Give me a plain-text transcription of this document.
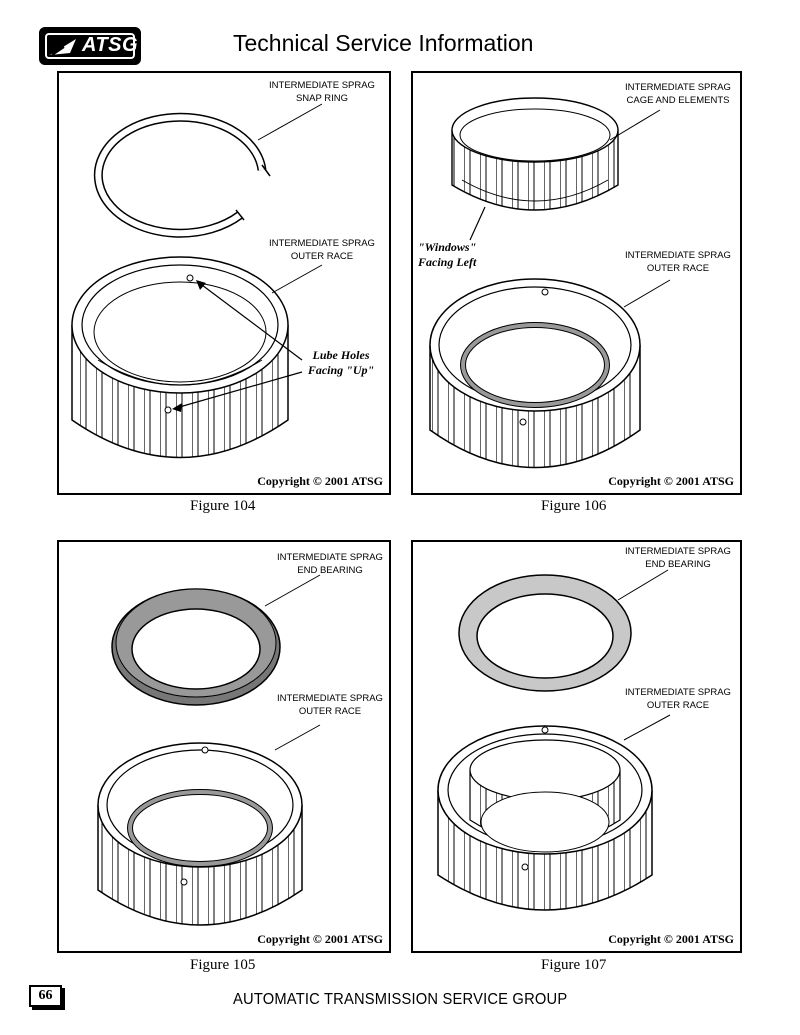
ATSG	Technical Service Information
Copyright © 2001 ATSG	Copyright © 2001 ATSG
Copyright © 2001 ATSG	Copyright © 2001 ATSG
INTERMEDIATE SPRAG
SNAP RING
INTERMEDIATE SPRAG
OUTER RACE
Lube Holes
Facing "Up"
INTERMEDIATE SPRAG
CAGE AND ELEMENTS
INTERMEDIATE SPRAG
OUTER RACE
"Windows"
Facing Left
INTERMEDIATE SPRAG
END BEARING
INTERMEDIATE SPRAG
OUTER RACE
INTERMEDIATE SPRAG
END BEARING
INTERMEDIATE SPRAG
OUTER RACE
Figure 104	Figure 106
Figure 105	Figure 107
66	AUTOMATIC TRANSMISSION SERVICE GROUP
